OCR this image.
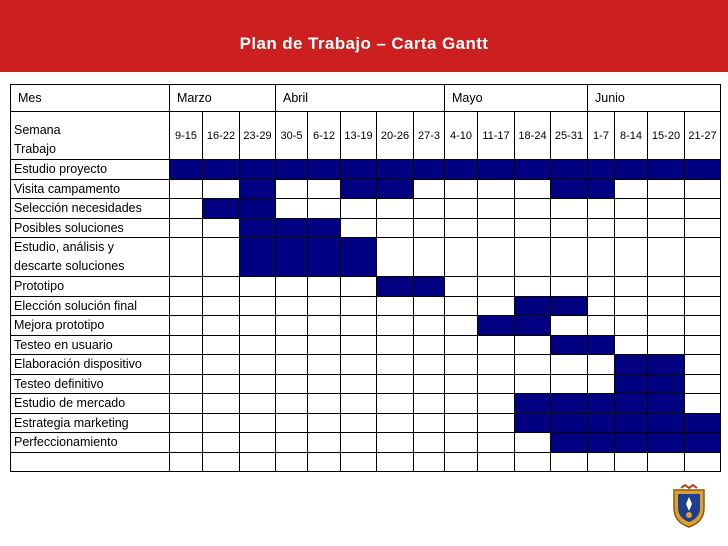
Plan de Trabajo – Carta Gantt
Mes	Marzo			Abril					Mayo				Junio			
Semana
Trabajo	9-15	16-22	23-29	30-5	6-12	13-19	20-26	27-3	4-10	11-17	18-24	25-31	1-7	8-14	15-20	21-27
Estudio proyecto																
Visita campamento																
Selección necesidades																
Posibles soluciones																
Estudio, análisis y
descarte soluciones																
Prototipo																
Elección solución final																
Mejora prototipo																
Testeo en usuario																
Elaboración dispositivo																
Testeo definitivo																
Estudio de mercado																
Estrategia marketing																
Perfeccionamiento																
